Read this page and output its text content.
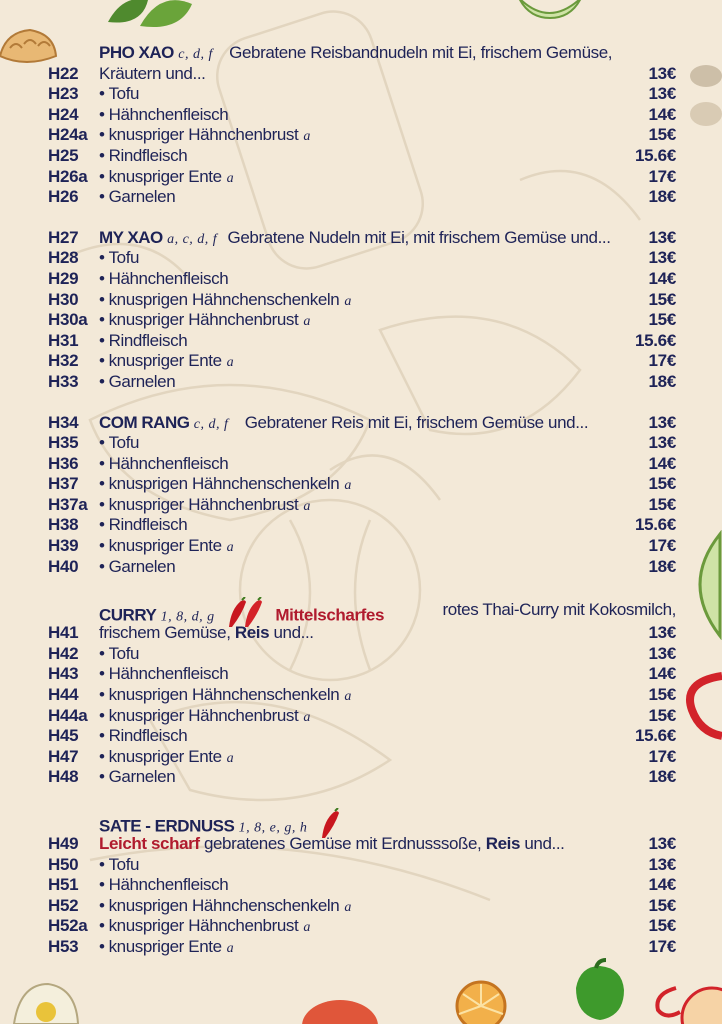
PHO XAO c, d, f Gebratene Reisbandnudeln mit Ei, frischem Gemüse,
H22 Kräutern und...	13€
H23 • Tofu	13€
H24 • Hähnchenfleisch	14€
H24a • knuspriger Hähnchenbrust a	15€
H25 • Rindfleisch	15.6€
H26a • knuspriger Ente a	17€
H26 • Garnelen	18€
H27 MY XAO a, c, d, f Gebratene Nudeln mit Ei, mit frischem Gemüse und...	13€
H28 • Tofu	13€
H29 • Hähnchenfleisch	14€
H30 • knusprigen Hähnchenschenkeln a	15€
H30a • knuspriger Hähnchenbrust a	15€
H31 • Rindfleisch	15.6€
H32 • knuspriger Ente a	17€
H33 • Garnelen	18€
H34 COM RANG c, d, f Gebratener Reis mit Ei, frischem Gemüse und...	13€
H35 • Tofu	13€
H36 • Hähnchenfleisch	14€
H37 • knusprigen Hähnchenschenkeln a	15€
H37a • knuspriger Hähnchenbrust a	15€
H38 • Rindfleisch	15.6€
H39 • knuspriger Ente a	17€
H40 • Garnelen	18€
CURRY 1, 8, d, g	Mittelscharfes	rotes Thai-Curry mit Kokosmilch,
H41 frischem Gemüse, Reis und...	13€
H42 • Tofu	13€
H43 • Hähnchenfleisch	14€
H44 • knusprigen Hähnchenschenkeln a	15€
H44a • knuspriger Hähnchenbrust a	15€
H45 • Rindfleisch	15.6€
H47 • knuspriger Ente a	17€
H48 • Garnelen	18€
SATE - ERDNUSS 1, 8, e, g, h
H49 Leicht scharf gebratenes Gemüse mit Erdnusssoße, Reis und...	13€
H50 • Tofu	13€
H51 • Hähnchenfleisch	14€
H52 • knusprigen Hähnchenschenkeln a	15€
H52a • knuspriger Hähnchenbrust a	15€
H53 • knuspriger Ente a	17€
